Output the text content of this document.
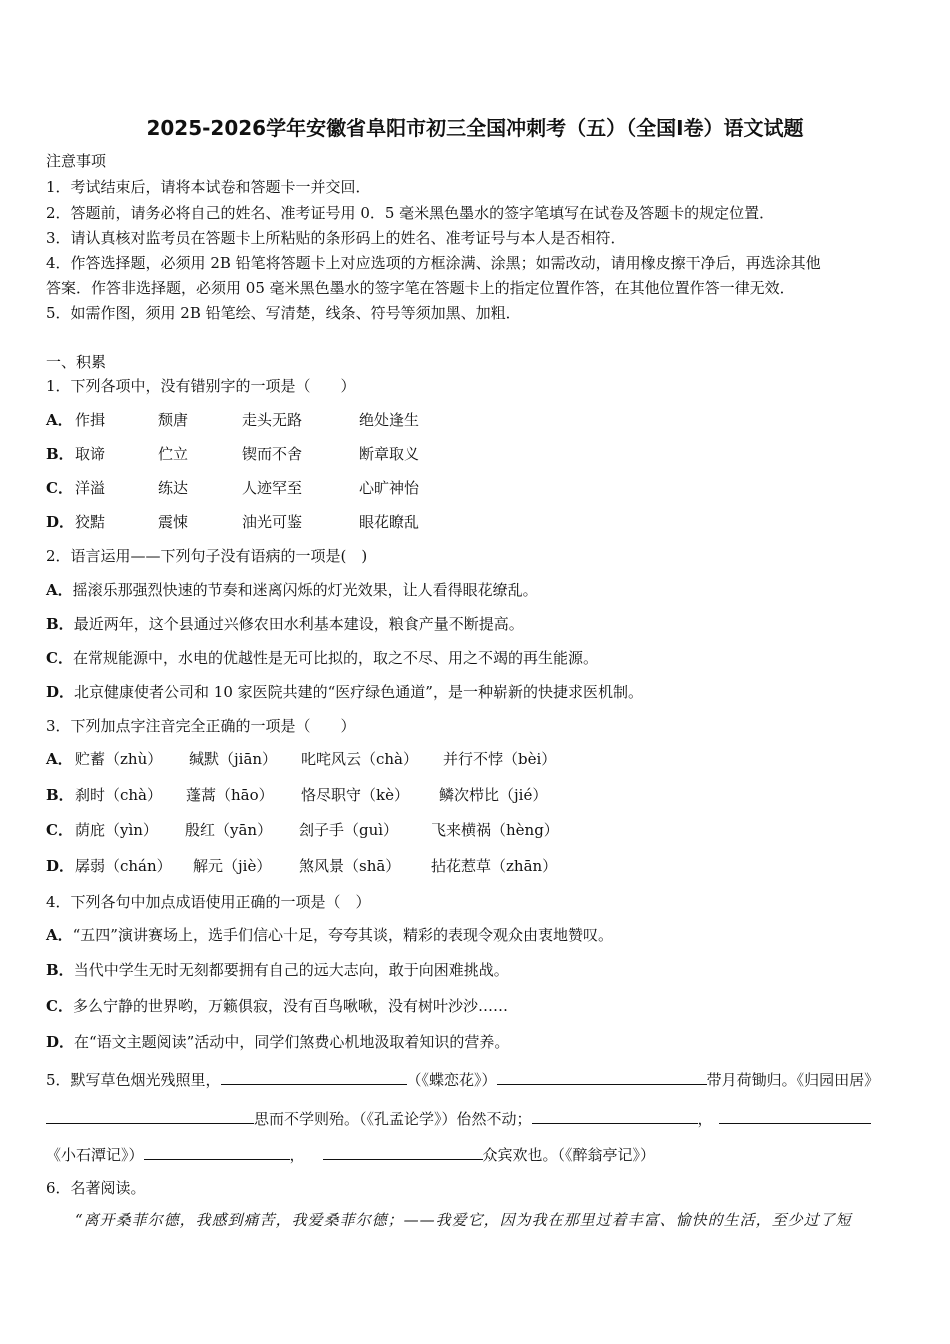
2025-2026学年安徽省阜阳市初三全国冲刺考（五）（全国Ⅰ卷）语文试题
注意事项
1．考试结束后，请将本试卷和答题卡一并交回．
2．答题前，请务必将自己的姓名、准考证号用 0．5 毫米黑色墨水的签字笔填写在试卷及答题卡的规定位置．
3．请认真核对监考员在答题卡上所粘贴的条形码上的姓名、准考证号与本人是否相符．
4．作答选择题，必须用 2B 铅笔将答题卡上对应选项的方框涂满、涂黑；如需改动，请用橡皮擦干净后，再选涂其他
答案．作答非选择题，必须用 05 毫米黑色墨水的签字笔在答题卡上的指定位置作答，在其他位置作答一律无效．
5．如需作图，须用 2B 铅笔绘、写清楚，线条、符号等须加黑、加粗．
一、积累
1．下列各项中，没有错别字的一项是（　　）
A． 作揖	颓唐	走头无路	绝处逢生
B． 取谛	伫立	锲而不舍	断章取义
C． 洋溢	练达	人迹罕至	心旷神怡
D． 狡黠	震悚	油光可鉴	眼花瞭乱
2．语言运用——下列句子没有语病的一项是(　)
A．摇滚乐那强烈快速的节奏和迷离闪烁的灯光效果，让人看得眼花缭乱。
B．最近两年，这个县通过兴修农田水利基本建设，粮食产量不断提高。
C．在常规能源中，水电的优越性是无可比拟的，取之不尽、用之不竭的再生能源。
D．北京健康使者公司和 10 家医院共建的“医疗绿色通道”，是一种崭新的快捷求医机制。
3．下列加点字注音完全正确的一项是（　　）
A． 贮蓄（zhù） 缄默（jiān） 叱咤风云（chà） 并行不悖（bèi）
B． 刹时（chà） 蓬蒿（hāo） 恪尽职守（kè） 鳞次栉比（jié）
C． 荫庇（yìn） 殷红（yān） 刽子手（guì） 飞来横祸（hèng）
D． 孱弱（chán） 解元（jiè） 煞风景（shā） 拈花惹草（zhān）
4．下列各句中加点成语使用正确的一项是（　）
A．“五四”演讲赛场上，选手们信心十足，夸夸其谈，精彩的表现令观众由衷地赞叹。
B．当代中学生无时无刻都要拥有自己的远大志向，敢于向困难挑战。
C．多么宁静的世界哟，万籁俱寂，没有百鸟啾啾，没有树叶沙沙……
D．在“语文主题阅读”活动中，同学们煞费心机地汲取着知识的营养。
5．默写草色烟光残照里，	（《蝶恋花》）	带月荷锄归。《归园田居》
思而不学则殆。（《孔孟论学》）佁然不动；	，
《小石潭记》）	，	众宾欢也。（《醉翁亭记》）
6．名著阅读。
“离开桑菲尔德，我感到痛苦，我爱桑菲尔德；——我爱它，因为我在那里过着丰富、愉快的生活，至少过了短
